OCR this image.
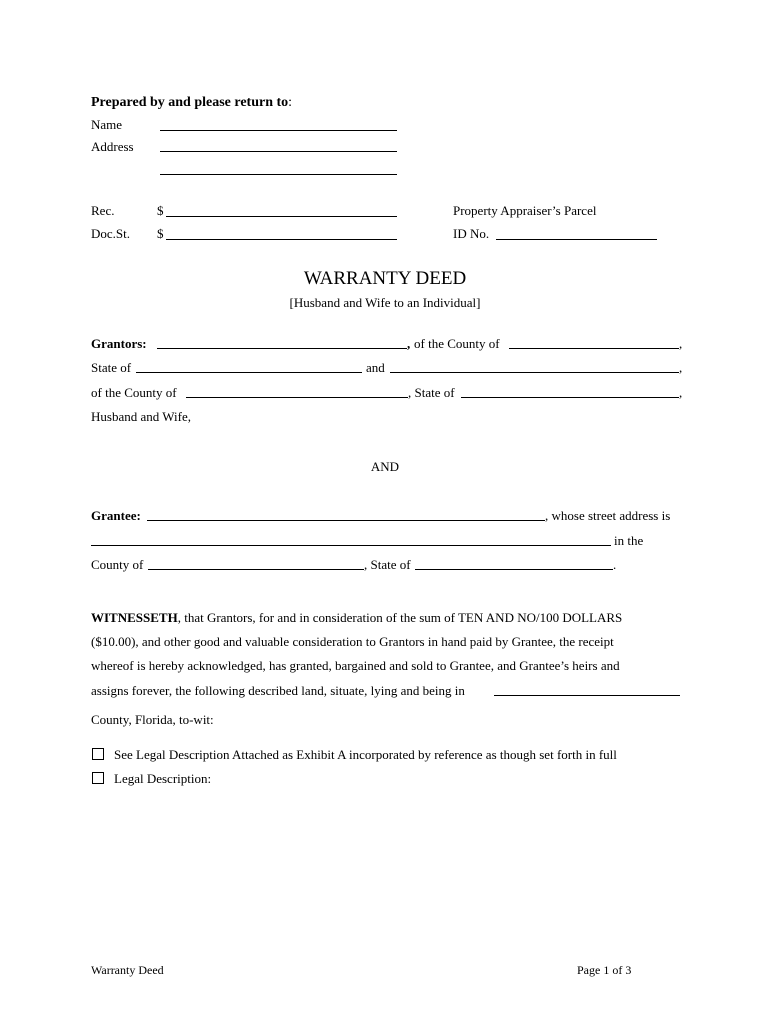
Prepared by and please return to:
Name
Address
Rec.	$
Doc.St. $
Property Appraiser’s Parcel
ID No.
WARRANTY DEED
[Husband and Wife to an Individual]
Grantors:	, of the County of	,
State of	and	,
of the County of	, State of	,
Husband and Wife,
AND
Grantee:	, whose street address is
in the
County of	, State of	.
WITNESSETH, that Grantors, for and in consideration of the sum of TEN AND NO/100 DOLLARS
($10.00), and other good and valuable consideration to Grantors in hand paid by Grantee, the receipt
whereof is hereby acknowledged, has granted, bargained and sold to Grantee, and Grantee’s heirs and
assigns forever, the following described land, situate, lying and being in
County, Florida, to-wit:
See Legal Description Attached as Exhibit A incorporated by reference as though set forth in full
Legal Description:
Warranty Deed	Page 1 of 3
